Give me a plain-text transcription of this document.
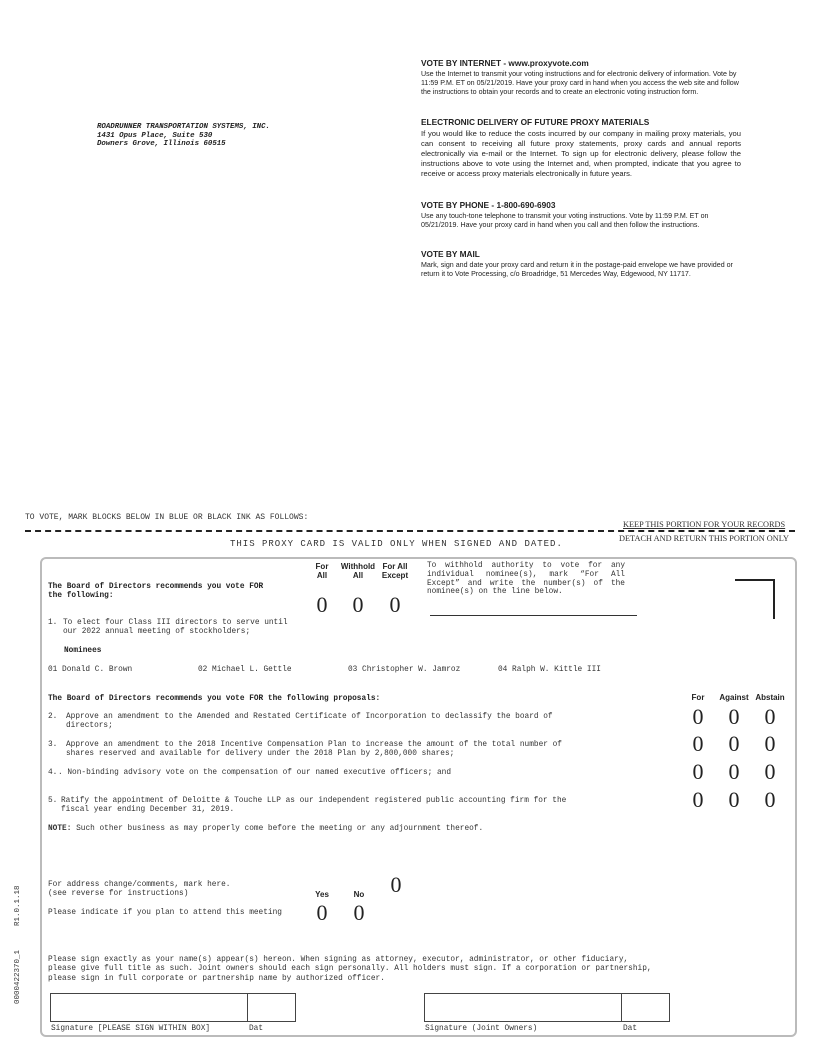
ROADRUNNER TRANSPORTATION SYSTEMS, INC.
1431 Opus Place, Suite 530
Downers Grove, Illinois 60515
VOTE BY INTERNET - www.proxyvote.com

Use the Internet to transmit your voting instructions and for electronic delivery of information. Vote by 11:59 P.M. ET on 05/21/2019. Have your proxy card in hand when you access the web site and follow the instructions to obtain your records and to create an electronic voting instruction form.

ELECTRONIC DELIVERY OF FUTURE PROXY MATERIALS

If you would like to reduce the costs incurred by our company in mailing proxy materials, you can consent to receiving all future proxy statements, proxy cards and annual reports electronically via e-mail or the Internet. To sign up for electronic delivery, please follow the instructions above to vote using the Internet and, when prompted, indicate that you agree to receive or access proxy materials electronically in future years.

VOTE BY PHONE - 1-800-690-6903

Use any touch-tone telephone to transmit your voting instructions. Vote by 11:59 P.M. ET on 05/21/2019. Have your proxy card in hand when you call and then follow the instructions.

VOTE BY MAIL

Mark, sign and date your proxy card and return it in the postage-paid envelope we have provided or return it to Vote Processing, c/o Broadridge, 51 Mercedes Way, Edgewood, NY 11717.

TO VOTE, MARK BLOCKS BELOW IN BLUE OR BLACK INK AS FOLLOWS:
KEEP THIS PORTION FOR YOUR RECORDS
DETACH AND RETURN THIS PORTION ONLY
THIS PROXY CARD IS VALID ONLY WHEN SIGNED AND DATED.
0000422370_1
R1.0.1.18
The Board of Directors recommends you vote FOR the following:
For All
Withhold All
For All Except
0 0 0
To withhold authority to vote for any individual nominee(s), mark “For All Except” and write the number(s) of the nominee(s) on the line below.
1. To elect four Class III directors to serve until our 2022 annual meeting of stockholders;
Nominees
01 Donald C. Brown	02 Michael L. Gettle	03 Christopher W. Jamroz	04 Ralph W. Kittle III
The Board of Directors recommends you vote FOR the following proposals:	For	Against Abstain
2. Approve an amendment to the Amended and Restated Certificate of Incorporation to declassify the board of directors;	0 0 0
3. Approve an amendment to the 2018 Incentive Compensation Plan to increase the amount of the total number of shares reserved and available for delivery under the 2018 Plan by 2,800,000 shares;	0 0 0
4. . Non-binding advisory vote on the compensation of our named executive officers; and	0 0 0
5. Ratify the appointment of Deloitte & Touche LLP as our independent registered public accounting firm for the fiscal year ending December 31, 2019.	0 0 0
NOTE: Such other business as may properly come before the meeting or any adjournment thereof.
For address change/comments, mark here.
(see reverse for instructions)	0
Yes	No
Please indicate if you plan to attend this meeting 0 0
Please sign exactly as your name(s) appear(s) hereon. When signing as attorney, executor, administrator, or other fiduciary, please give full title as such. Joint owners should each sign personally. All holders must sign. If a corporation or partnership, please sign in full corporate or partnership name by authorized officer.
Signature [PLEASE SIGN WITHIN BOX]	Dat	Signature (Joint Owners)	Dat
